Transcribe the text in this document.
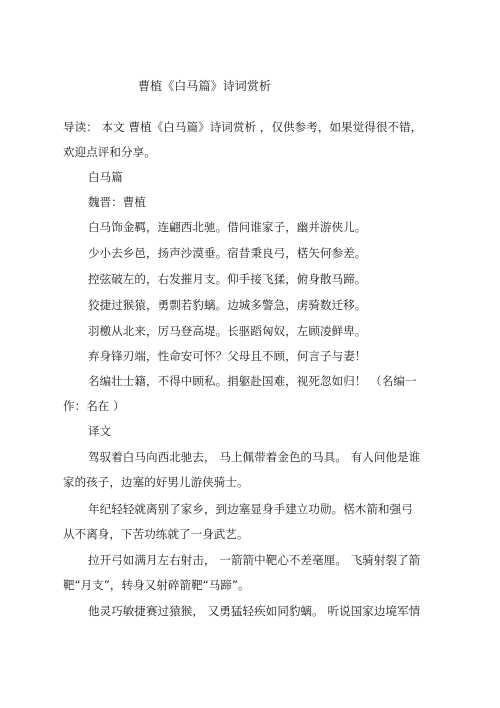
曹植《白马篇》诗词赏析

导读： 本文 曹植《白马篇》诗词赏析 ，仅供参考，如果觉得很不错，

欢迎点评和分享。

白马篇

魏晋：曹植

白马饰金羁，连翩西北驰。借问谁家子，幽并游侠儿。

少小去乡邑，扬声沙漠垂。宿昔秉良弓，楛矢何参差。

控弦破左的，右发摧月支。仰手接飞猱，俯身散马蹄。

狡捷过猴猿，勇剽若豹螭。边城多警急，虏骑数迁移。

羽檄从北来，厉马登高堤。长驱蹈匈奴，左顾凌鲜卑。

弃身锋刃端，性命安可怀？父母且不顾，何言子与妻！

名编壮士籍，不得中顾私。捐躯赴国难，视死忽如归！ （名编一

作：名在 ）

译文

驾驭着白马向西北驰去， 马上佩带着金色的马具。 有人问他是谁

家的孩子，边塞的好男儿游侠骑士。

年纪轻轻就离别了家乡，到边塞显身手建立功勋。楛木箭和强弓

从不离身，下苦功练就了一身武艺。

拉开弓如满月左右射击， 一箭箭中靶心不差毫厘。 飞骑射裂了箭

靶“月支”，转身又射碎箭靶“马蹄”。

他灵巧敏捷赛过猿猴， 又勇猛轻疾如同豹螭。 听说国家边境军情
